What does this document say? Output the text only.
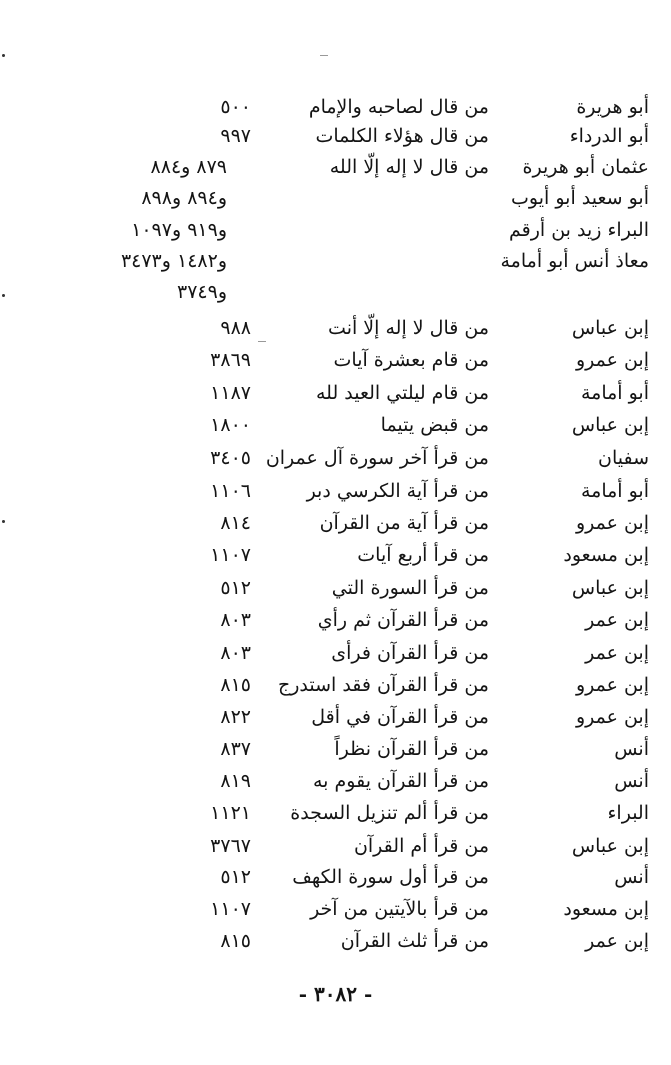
أبو هريرة
من قال لصاحبه والإمام
٥٠٠
أبو الدرداء
من قال هؤلاء الكلمات
٩٩٧
عثمان أبو هريرة
من قال لا إله إلّا الله
٨٧٩ و٨٨٤
أبو سعيد أبو أيوب
و٨٩٤ و٨٩٨
البراء زيد بن أرقم
و٩١٩ و١٠٩٧
معاذ أنس أبو أمامة
و١٤٨٢ و٣٤٧٣
و٣٧٤٩
إبن عباس
من قال لا إله إلّا أنت
٩٨٨
إبن عمرو
من قام بعشرة آيات
٣٨٦٩
أبو أمامة
من قام ليلتي العيد لله
١١٨٧
إبن عباس
من قبض يتيما
١٨٠٠
سفيان
من قرأ آخر سورة آل عمران
٣٤٠٥
أبو أمامة
من قرأ آية الكرسي دبر
١١٠٦
إبن عمرو
من قرأ آية من القرآن
٨١٤
إبن مسعود
من قرأ أربع آيات
١١٠٧
إبن عباس
من قرأ السورة التي
٥١٢
إبن عمر
من قرأ القرآن ثم رأي
٨٠٣
إبن عمر
من قرأ القرآن فرأى
٨٠٣
إبن عمرو
من قرأ القرآن فقد استدرج
٨١٥
إبن عمرو
من قرأ القرآن في أقل
٨٢٢
أنس
من قرأ القرآن نظراً
٨٣٧
أنس
من قرأ القرآن يقوم به
٨١٩
البراء
من قرأ ألم تنزيل السجدة
١١٢١
إبن عباس
من قرأ أم القرآن
٣٧٦٧
أنس
من قرأ أول سورة الكهف
٥١٢
إبن مسعود
من قرأ بالآيتين من آخر
١١٠٧
إبن عمر
من قرأ ثلث القرآن
٨١٥
- ٣٠٨٢ -
